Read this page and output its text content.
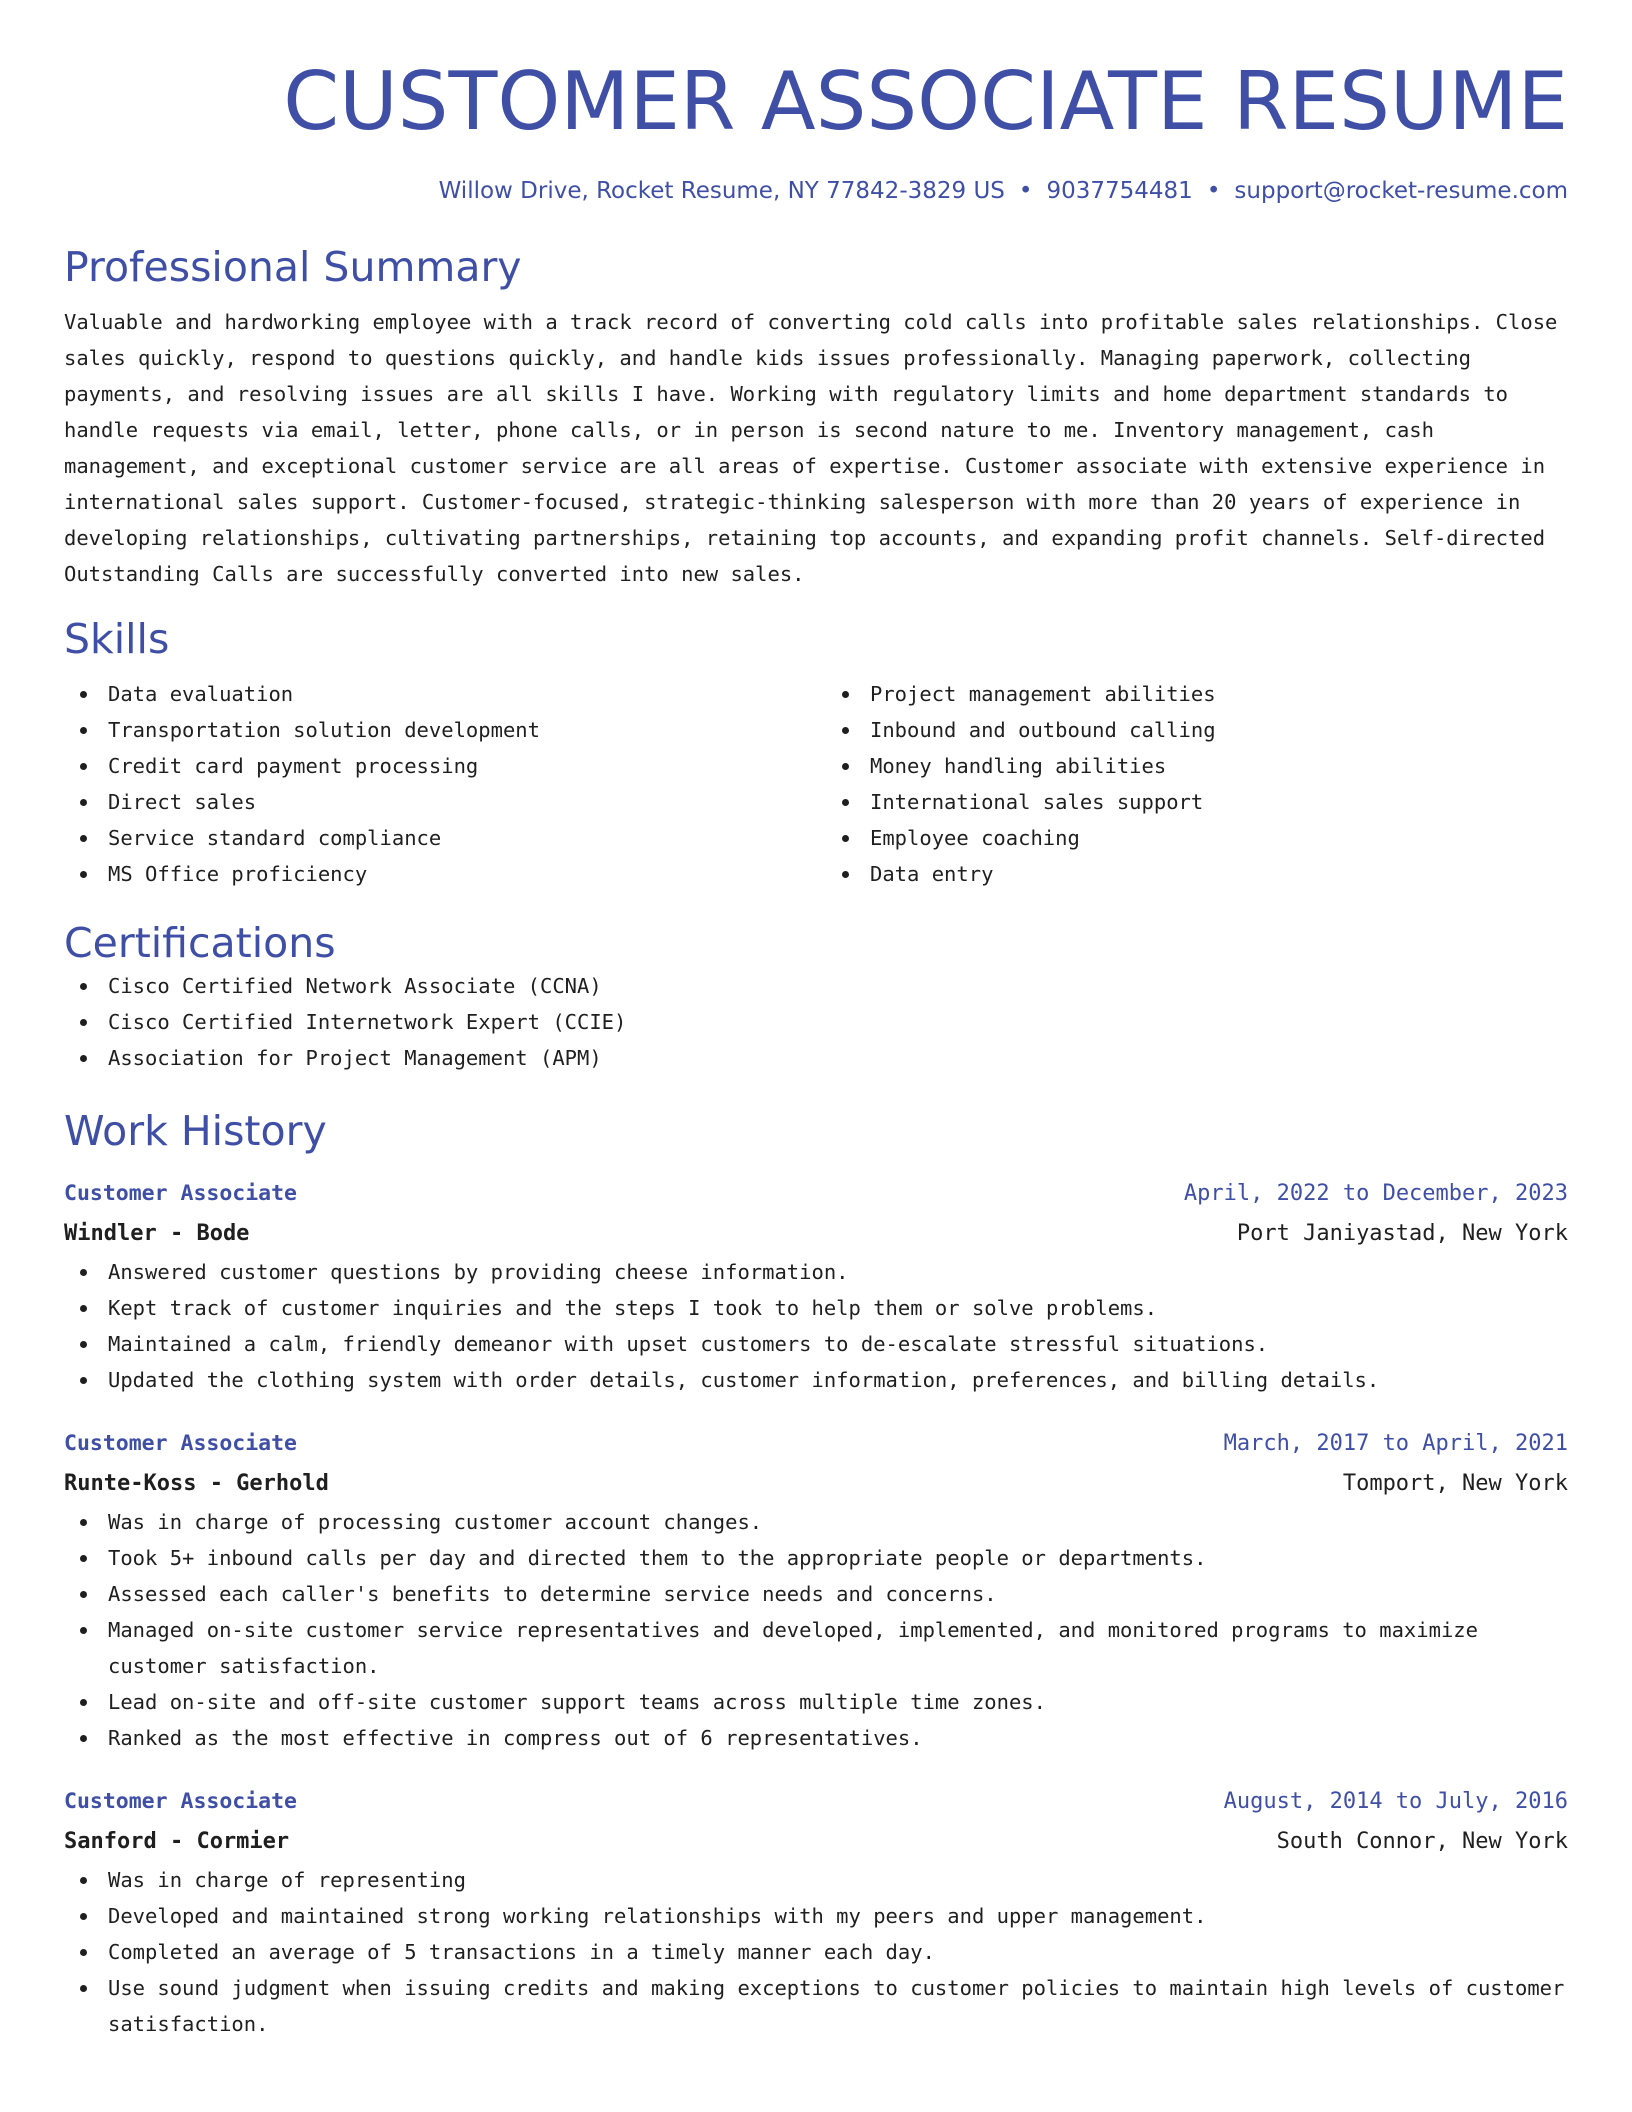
CUSTOMER ASSOCIATE RESUME
Willow Drive, Rocket Resume, NY 77842-3829 US • 9037754481 • support@rocket-resume.com
Professional Summary
Valuable and hardworking employee with a track record of converting cold calls into profitable sales relationships. Close sales quickly, respond to questions quickly, and handle kids issues professionally. Managing paperwork, collecting payments, and resolving issues are all skills I have. Working with regulatory limits and home department standards to handle requests via email, letter, phone calls, or in person is second nature to me. Inventory management, cash management, and exceptional customer service are all areas of expertise. Customer associate with extensive experience in international sales support. Customer-focused, strategic-thinking salesperson with more than 20 years of experience in developing relationships, cultivating partnerships, retaining top accounts, and expanding profit channels. Self-directed Outstanding Calls are successfully converted into new sales.
Skills
Data evaluation
Transportation solution development
Credit card payment processing
Direct sales
Service standard compliance
MS Office proficiency
Project management abilities
Inbound and outbound calling
Money handling abilities
International sales support
Employee coaching
Data entry
Certifications
Cisco Certified Network Associate (CCNA)
Cisco Certified Internetwork Expert (CCIE)
Association for Project Management (APM)
Work History
Customer Associate	April, 2022 to December, 2023
Windler - Bode	Port Janiyastad, New York
Answered customer questions by providing cheese information.
Kept track of customer inquiries and the steps I took to help them or solve problems.
Maintained a calm, friendly demeanor with upset customers to de-escalate stressful situations.
Updated the clothing system with order details, customer information, preferences, and billing details.
Customer Associate	March, 2017 to April, 2021
Runte-Koss - Gerhold	Tomport, New York
Was in charge of processing customer account changes.
Took 5+ inbound calls per day and directed them to the appropriate people or departments.
Assessed each caller's benefits to determine service needs and concerns.
Managed on-site customer service representatives and developed, implemented, and monitored programs to maximize customer satisfaction.
Lead on-site and off-site customer support teams across multiple time zones.
Ranked as the most effective in compress out of 6 representatives.
Customer Associate	August, 2014 to July, 2016
Sanford - Cormier	South Connor, New York
Was in charge of representing
Developed and maintained strong working relationships with my peers and upper management.
Completed an average of 5 transactions in a timely manner each day.
Use sound judgment when issuing credits and making exceptions to customer policies to maintain high levels of customer satisfaction.
